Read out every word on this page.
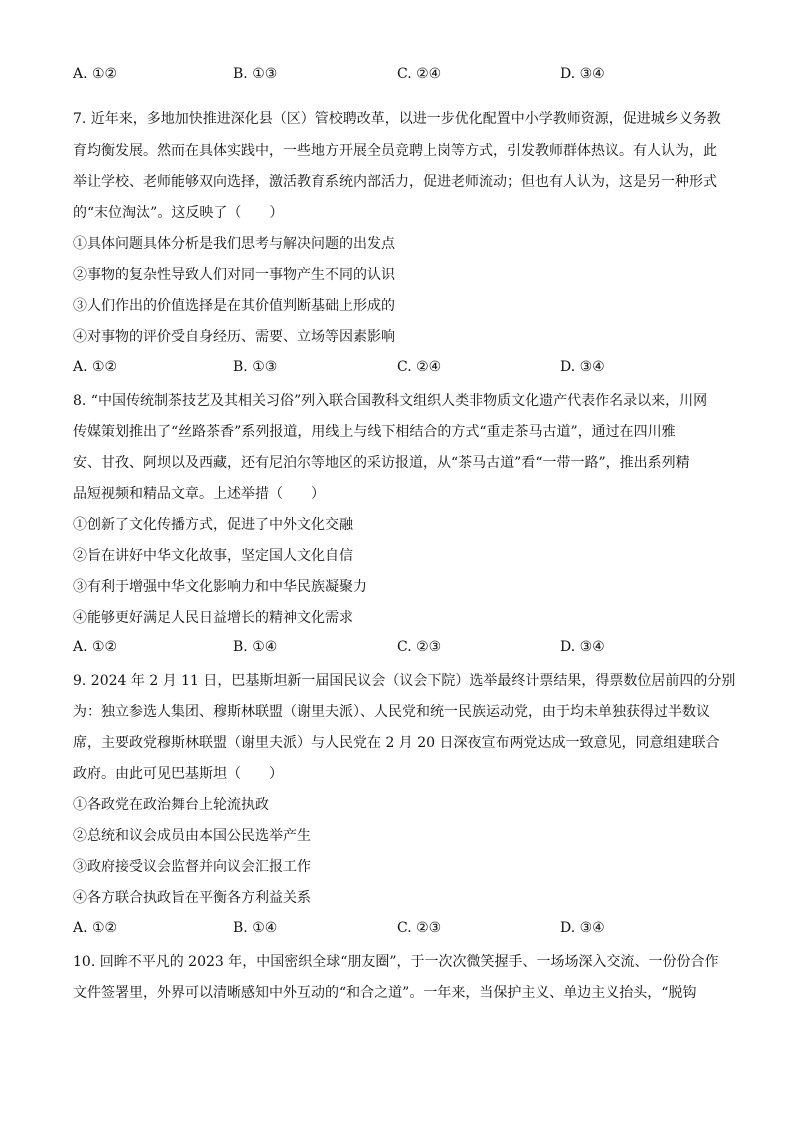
A. ①②	B. ①③	C. ②④	D. ③④
7. 近年来，多地加快推进深化县（区）管校聘改革，以进一步优化配置中小学教师资源，促进城乡义务教
育均衡发展。然而在具体实践中，一些地方开展全员竞聘上岗等方式，引发教师群体热议。有人认为，此
举让学校、老师能够双向选择，激活教育系统内部活力，促进老师流动；但也有人认为，这是另一种形式
的“末位淘汰”。这反映了（　　）
①具体问题具体分析是我们思考与解决问题的出发点
②事物的复杂性导致人们对同一事物产生不同的认识
③人们作出的价值选择是在其价值判断基础上形成的
④对事物的评价受自身经历、需要、立场等因素影响
A. ①②	B. ①③	C. ②④	D. ③④
8. “中国传统制茶技艺及其相关习俗”列入联合国教科文组织人类非物质文化遗产代表作名录以来，川网
传媒策划推出了“丝路茶香”系列报道，用线上与线下相结合的方式“重走茶马古道”，通过在四川雅
安、甘孜、阿坝以及西藏，还有尼泊尔等地区的采访报道，从“茶马古道”看“一带一路”，推出系列精
品短视频和精品文章。上述举措（　　）
①创新了文化传播方式，促进了中外文化交融
②旨在讲好中华文化故事，坚定国人文化自信
③有利于增强中华文化影响力和中华民族凝聚力
④能够更好满足人民日益增长的精神文化需求
A. ①②	B. ①④	C. ②③	D. ③④
9. 2024 年 2 月 11 日，巴基斯坦新一届国民议会（议会下院）选举最终计票结果，得票数位居前四的分别
为：独立参选人集团、穆斯林联盟（谢里夫派）、人民党和统一民族运动党，由于均未单独获得过半数议
席，主要政党穆斯林联盟（谢里夫派）与人民党在 2 月 20 日深夜宣布两党达成一致意见，同意组建联合
政府。由此可见巴基斯坦（　　）
①各政党在政治舞台上轮流执政
②总统和议会成员由本国公民选举产生
③政府接受议会监督并向议会汇报工作
④各方联合执政旨在平衡各方利益关系
A. ①②	B. ①④	C. ②③	D. ③④
10. 回眸不平凡的 2023 年，中国密织全球“朋友圈”，于一次次微笑握手、一场场深入交流、一份份合作
文件签署里，外界可以清晰感知中外互动的“和合之道”。一年来，当保护主义、单边主义抬头，“脱钩
